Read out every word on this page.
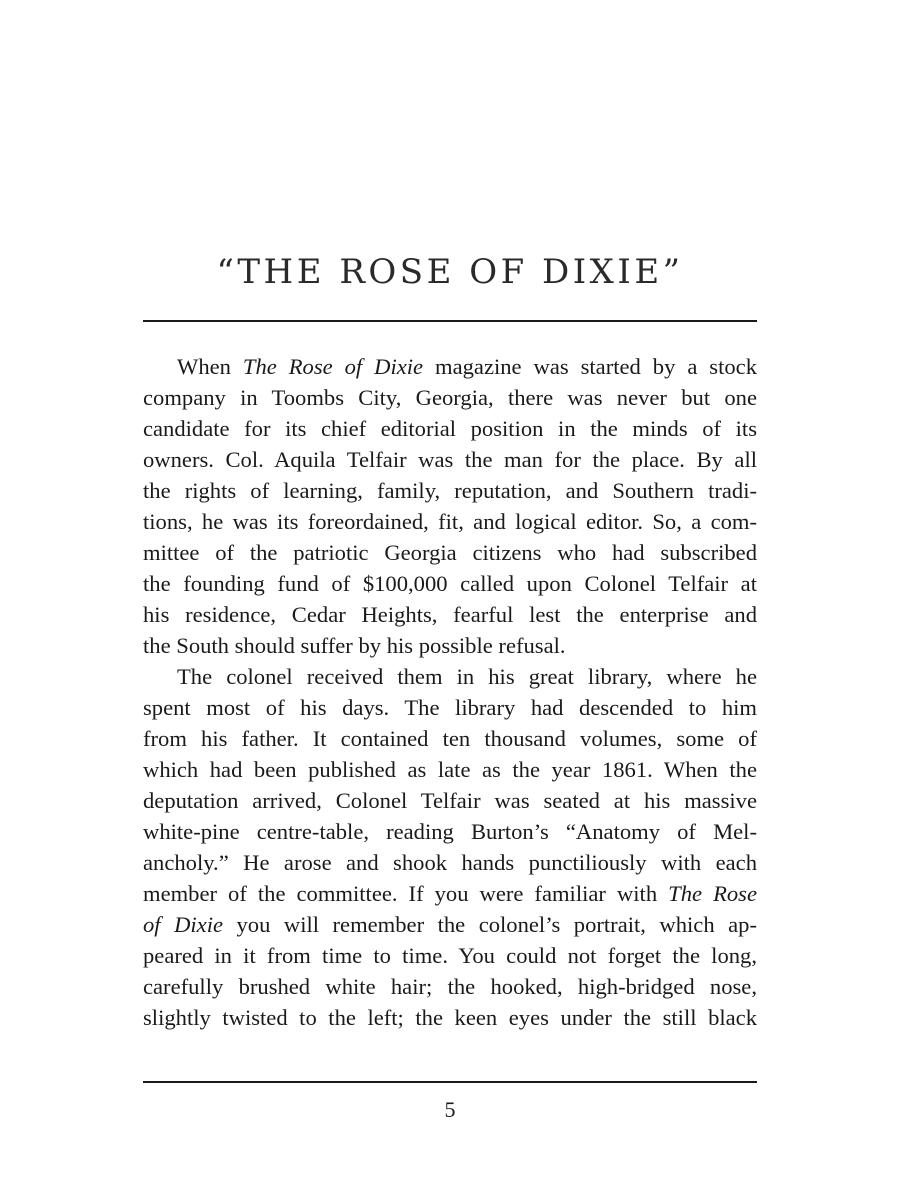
“THE ROSE OF DIXIE”
When The Rose of Dixie magazine was started by a stock
company in Toombs City, Georgia, there was never but one
candidate for its chief editorial position in the minds of its
owners. Col. Aquila Telfair was the man for the place. By all
the rights of learning, family, reputation, and Southern tradi-
tions, he was its foreordained, fit, and logical editor. So, a com-
mittee of the patriotic Georgia citizens who had subscribed
the founding fund of $100,000 called upon Colonel Telfair at
his residence, Cedar Heights, fearful lest the enterprise and
the South should suffer by his possible refusal.
The colonel received them in his great library, where he
spent most of his days. The library had descended to him
from his father. It contained ten thousand volumes, some of
which had been published as late as the year 1861. When the
deputation arrived, Colonel Telfair was seated at his massive
white-pine centre-table, reading Burton’s “Anatomy of Mel-
ancholy.” He arose and shook hands punctiliously with each
member of the committee. If you were familiar with The Rose
of Dixie you will remember the colonel’s portrait, which ap-
peared in it from time to time. You could not forget the long,
carefully brushed white hair; the hooked, high-bridged nose,
slightly twisted to the left; the keen eyes under the still black
5
